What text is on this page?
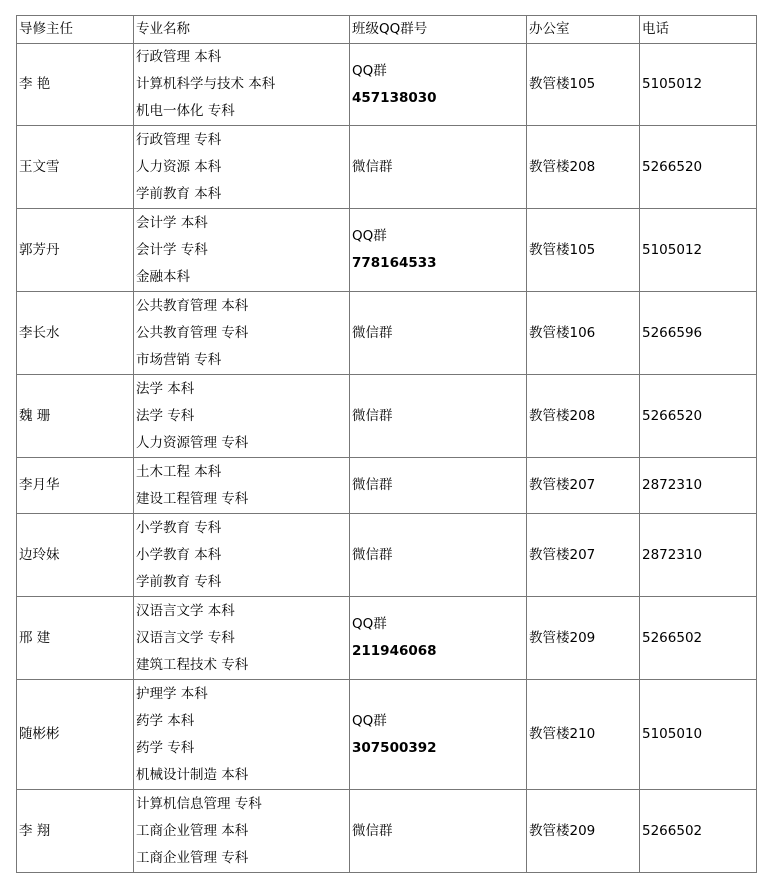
导修主任	专业名称	班级QQ群号	办公室	电话
李 艳	行政管理 本科
计算机科学与技术 本科
机电一体化 专科	QQ群
457138030	教管楼105	5105012
王文雪	行政管理 专科
人力资源 本科
学前教育 本科	微信群	教管楼208	5266520
郭芳丹	会计学 本科
会计学 专科
金融本科	QQ群
778164533	教管楼105	5105012
李长水	公共教育管理 本科
公共教育管理 专科
市场营销 专科	微信群	教管楼106	5266596
魏 珊	法学 本科
法学 专科
人力资源管理 专科	微信群	教管楼208	5266520
李月华	土木工程 本科
建设工程管理 专科	微信群	教管楼207	2872310
边玲妹	小学教育 专科
小学教育 本科
学前教育 专科	微信群	教管楼207	2872310
邢 建	汉语言文学 本科
汉语言文学 专科
建筑工程技术 专科	QQ群
211946068	教管楼209	5266502
随彬彬	护理学 本科
药学 本科
药学 专科
机械设计制造 本科	QQ群
307500392	教管楼210	5105010
李 翔	计算机信息管理 专科
工商企业管理 本科
工商企业管理 专科	微信群	教管楼209	5266502
